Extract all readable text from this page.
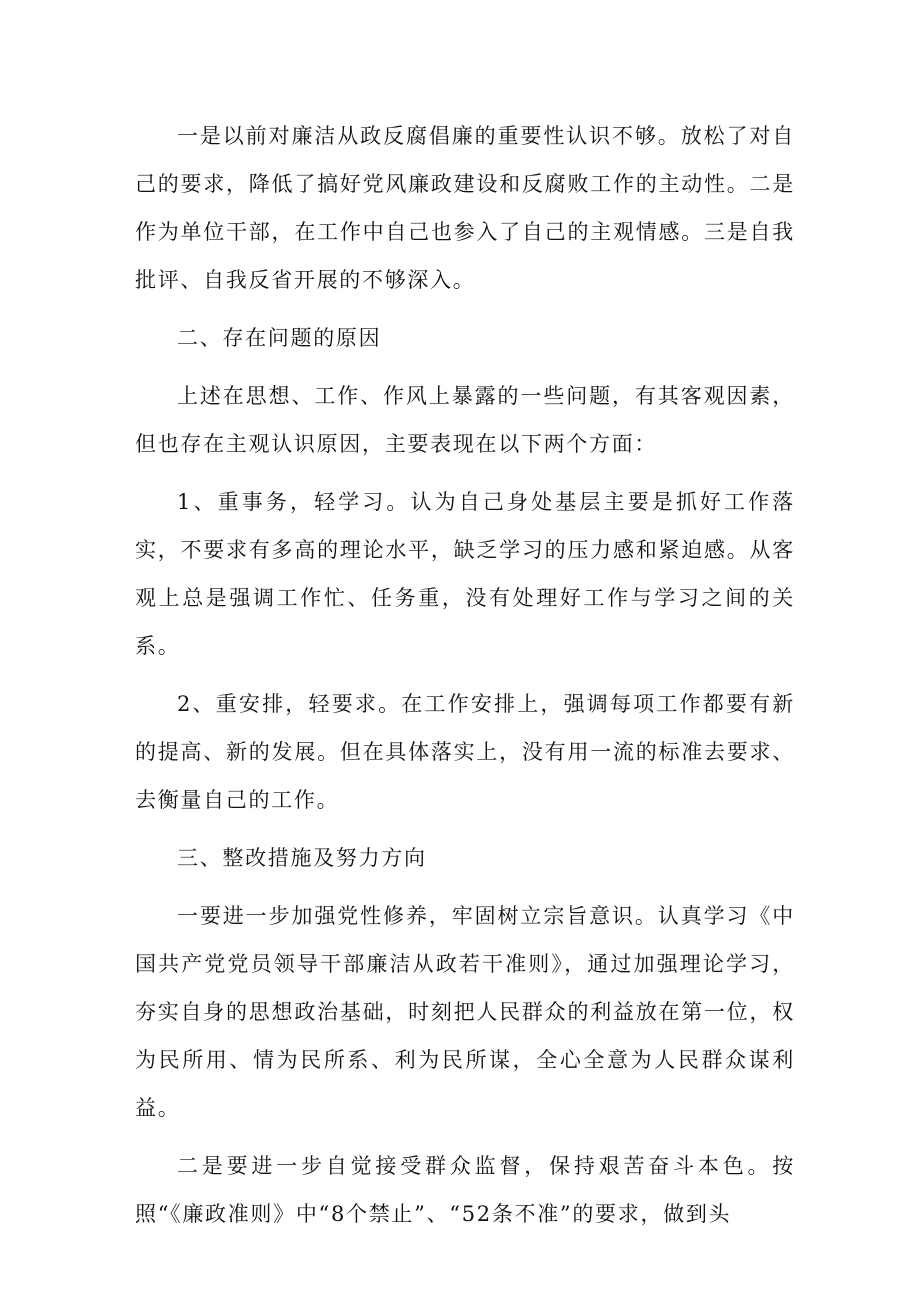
一是以前对廉洁从政反腐倡廉的重要性认识不够。放松了对自己的要求，降低了搞好党风廉政建设和反腐败工作的主动性。二是作为单位干部，在工作中自己也参入了自己的主观情感。三是自我批评、自我反省开展的不够深入。

二、存在问题的原因

上述在思想、工作、作风上暴露的一些问题，有其客观因素，但也存在主观认识原因，主要表现在以下两个方面：

1、重事务，轻学习。认为自己身处基层主要是抓好工作落实，不要求有多高的理论水平，缺乏学习的压力感和紧迫感。从客观上总是强调工作忙、任务重，没有处理好工作与学习之间的关系。

2、重安排，轻要求。在工作安排上，强调每项工作都要有新的提高、新的发展。但在具体落实上，没有用一流的标准去要求、去衡量自己的工作。

三、整改措施及努力方向

一要进一步加强党性修养，牢固树立宗旨意识。认真学习《中国共产党党员领导干部廉洁从政若干准则》，通过加强理论学习，夯实自身的思想政治基础，时刻把人民群众的利益放在第一位，权为民所用、情为民所系、利为民所谋，全心全意为人民群众谋利益。

二是要进一步自觉接受群众监督，保持艰苦奋斗本色。按照“《廉政准则》中“8个禁止”、“52条不准”的要求，做到头
